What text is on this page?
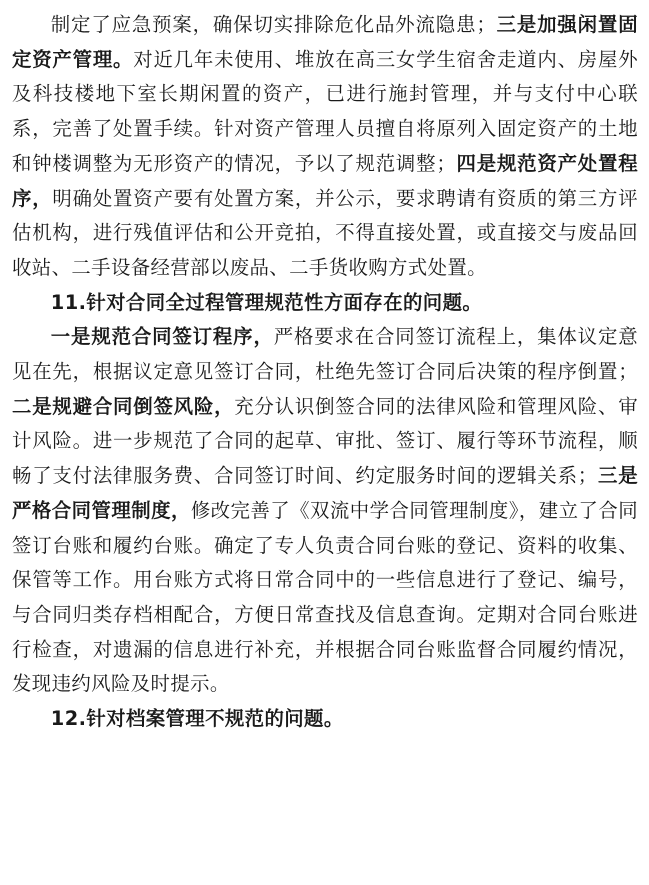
制定了应急预案，确保切实排除危化品外流隐患；三是加强闲置固定资产管理。对近几年未使用、堆放在高三女学生宿舍走道内、房屋外及科技楼地下室长期闲置的资产，已进行施封管理，并与支付中心联系，完善了处置手续。针对资产管理人员擅自将原列入固定资产的土地和钟楼调整为无形资产的情况，予以了规范调整；四是规范资产处置程序，明确处置资产要有处置方案，并公示，要求聘请有资质的第三方评估机构，进行残值评估和公开竞拍，不得直接处置，或直接交与废品回收站、二手设备经营部以废品、二手货收购方式处置。

11.针对合同全过程管理规范性方面存在的问题。

一是规范合同签订程序，严格要求在合同签订流程上，集体议定意见在先，根据议定意见签订合同，杜绝先签订合同后决策的程序倒置；二是规避合同倒签风险，充分认识倒签合同的法律风险和管理风险、审计风险。进一步规范了合同的起草、审批、签订、履行等环节流程，顺畅了支付法律服务费、合同签订时间、约定服务时间的逻辑关系；三是严格合同管理制度，修改完善了《双流中学合同管理制度》，建立了合同签订台账和履约台账。确定了专人负责合同台账的登记、资料的收集、保管等工作。用台账方式将日常合同中的一些信息进行了登记、编号，与合同归类存档相配合，方便日常查找及信息查询。定期对合同台账进行检查，对遗漏的信息进行补充，并根据合同台账监督合同履约情况，发现违约风险及时提示。

12.针对档案管理不规范的问题。
